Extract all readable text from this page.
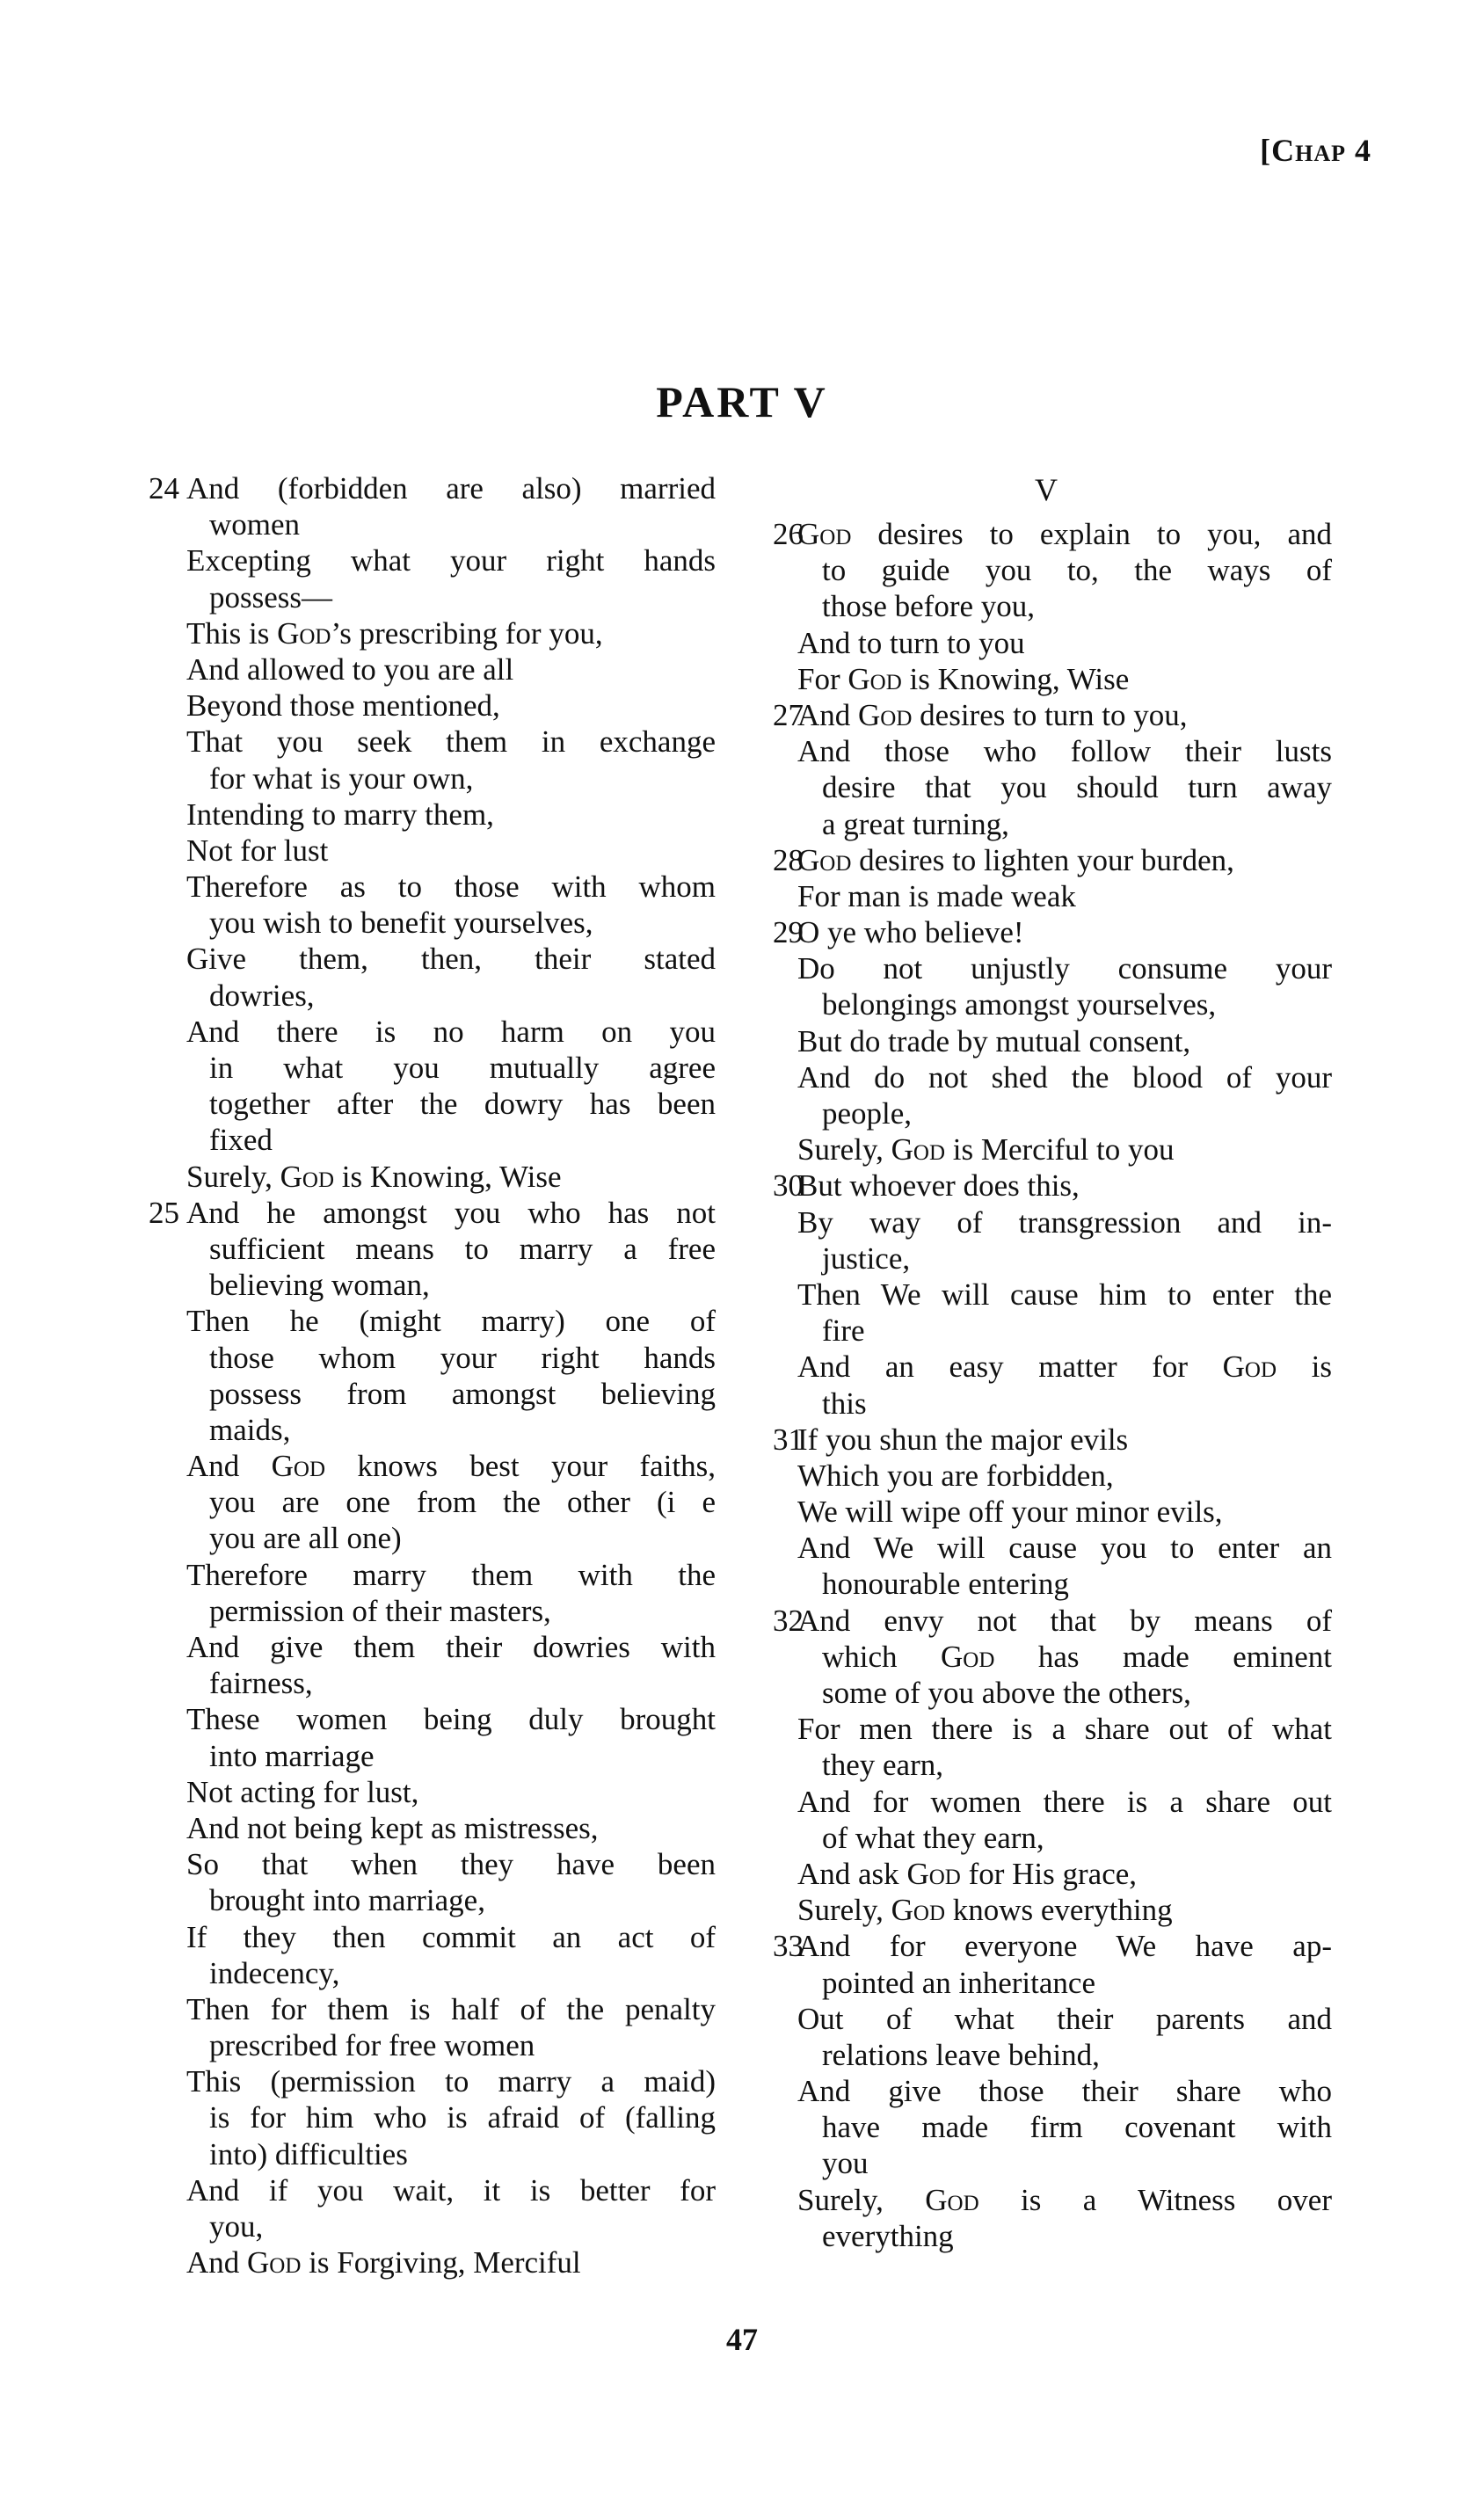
[CHAP 4
PART V
24 And (forbidden are also) married
women
Excepting what your right hands
possess—
This is God’s prescribing for you,
And allowed to you are all
Beyond those mentioned,
That you seek them in exchange
for what is your own,
Intending to marry them,
Not for lust
Therefore as to those with whom
you wish to benefit yourselves,
Give them, then, their stated
dowries,
And there is no harm on you
in what you mutually agree
together after the dowry has been
fixed
Surely, God is Knowing, Wise
25 And he amongst you who has not
sufficient means to marry a free
believing woman,
Then he (might marry) one of
those whom your right hands
possess from amongst believing
maids,
And God knows best your faiths,
you are one from the other (i e
you are all one)
Therefore marry them with the
permission of their masters,
And give them their dowries with
fairness,
These women being duly brought
into marriage
Not acting for lust,
And not being kept as mistresses,
So that when they have been
brought into marriage,
If they then commit an act of
indecency,
Then for them is half of the penalty
prescribed for free women
This (permission to marry a maid)
is for him who is afraid of (falling
into) difficulties
And if you wait, it is better for
you,
And God is Forgiving, Merciful
V
26
God desires to explain to you, and
to guide you to, the ways of
those before you,
And to turn to you
For God is Knowing, Wise
27
And God desires to turn to you,
And those who follow their lusts
desire that you should turn away
a great turning,
28
God desires to lighten your burden,
For man is made weak
29
O ye who believe!
Do not unjustly consume your
belongings amongst yourselves,
But do trade by mutual consent,
And do not shed the blood of your
people,
Surely, God is Merciful to you
30
But whoever does this,
By way of transgression and in-
justice,
Then We will cause him to enter the
fire
And an easy matter for God is
this
31
If you shun the major evils
Which you are forbidden,
We will wipe off your minor evils,
And We will cause you to enter an
honourable entering
32
And envy not that by means of
which God has made eminent
some of you above the others,
For men there is a share out of what
they earn,
And for women there is a share out
of what they earn,
And ask God for His grace,
Surely, God knows everything
33
And for everyone We have ap-
pointed an inheritance
Out of what their parents and
relations leave behind,
And give those their share who
have made firm covenant with
you
Surely, God is a Witness over
everything
47
